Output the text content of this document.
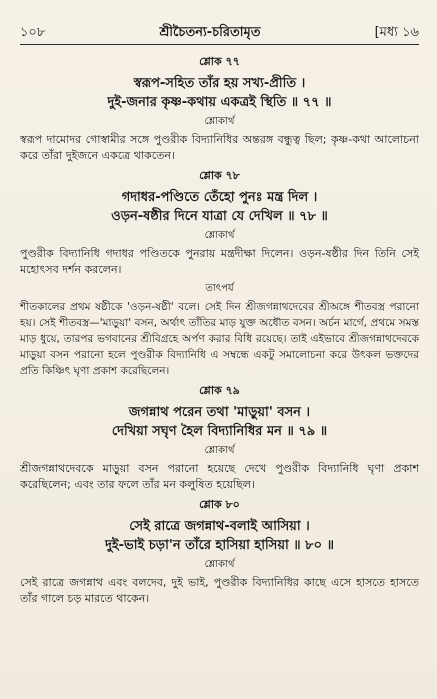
১০৮	শ্রীচৈতন্য-চরিতামৃত	[মধ্য ১৬
শ্লোক ৭৭
স্বরূপ-সহিত তাঁর হয় সখ্য-প্রীতি ।
দুই-জনার কৃষ্ণ-কথায় একত্রই স্থিতি ॥ ৭৭ ॥
শ্লোকার্থ

স্বরূপ দামোদর গোস্বামীর সঙ্গে পুণ্ডরীক বিদ্যানিধির অন্তরঙ্গ বন্ধুত্ব ছিল; কৃষ্ণ-কথা আলোচনা করে তাঁরা দুইজনে একত্রে থাকতেন।

শ্লোক ৭৮
গদাধর-পণ্ডিতে তেঁহো পুনঃ মন্ত্র দিল ।
ওড়ন-ষষ্ঠীর দিনে যাত্রা যে দেখিল ॥ ৭৮ ॥
শ্লোকার্থ

পুণ্ডরীক বিদ্যানিধি গদাধর পণ্ডিতকে পুনরায় মন্ত্রদীক্ষা দিলেন। ওড়ন-ষষ্ঠীর দিন তিনি সেই মহোৎসব দর্শন করলেন।

তাৎপর্য

শীতকালের প্রথম ষষ্ঠীকে 'ওড়ন-ষষ্ঠী' বলে। সেই দিন শ্রীজগন্নাথদেবের শ্রীঅঙ্গে শীতবস্ত্র পরানো হয়। সেই শীতবস্ত্র—'মাড়ুয়া' বসন, অর্থাৎ তাঁতির মাড় যুক্ত অধৌত বসন। অর্চন মার্গে, প্রথমে সমস্ত মাড় ধুয়ে, তারপর ভগবানের শ্রীবিগ্রহে অর্পণ করার বিধি রয়েছে। তাই এইভাবে শ্রীজগন্নাথদেবকে মাড়ুয়া বসন পরানো হলে পুণ্ডরীক বিদ্যানিধি এ সম্বন্ধে একটু সমালোচনা করে উৎকল ভক্তদের প্রতি কিঞ্চিৎ ঘৃণা প্রকাশ করেছিলেন।

শ্লোক ৭৯
জগন্নাথ পরেন তথা 'মাড়ুয়া' বসন ।
দেখিয়া সঘৃণ হৈল বিদ্যানিধির মন ॥ ৭৯ ॥
শ্লোকার্থ

শ্রীজগন্নাথদেবকে মাড়ুয়া বসন পরানো হয়েছে দেখে পুণ্ডরীক বিদ্যানিধি ঘৃণা প্রকাশ করেছিলেন; এবং তার ফলে তাঁর মন কলুষিত হয়েছিল।

শ্লোক ৮০
সেই রাত্রে জগন্নাথ-বলাই আসিয়া ।
দুই-ভাই চড়া'ন তাঁরে হাসিয়া হাসিয়া ॥ ৮০ ॥
শ্লোকার্থ

সেই রাত্রে জগন্নাথ এবং বলদেব, দুই ভাই, পুণ্ডরীক বিদ্যানিধির কাছে এসে হাসতে হাসতে তাঁর গালে চড় মারতে থাকেন।
